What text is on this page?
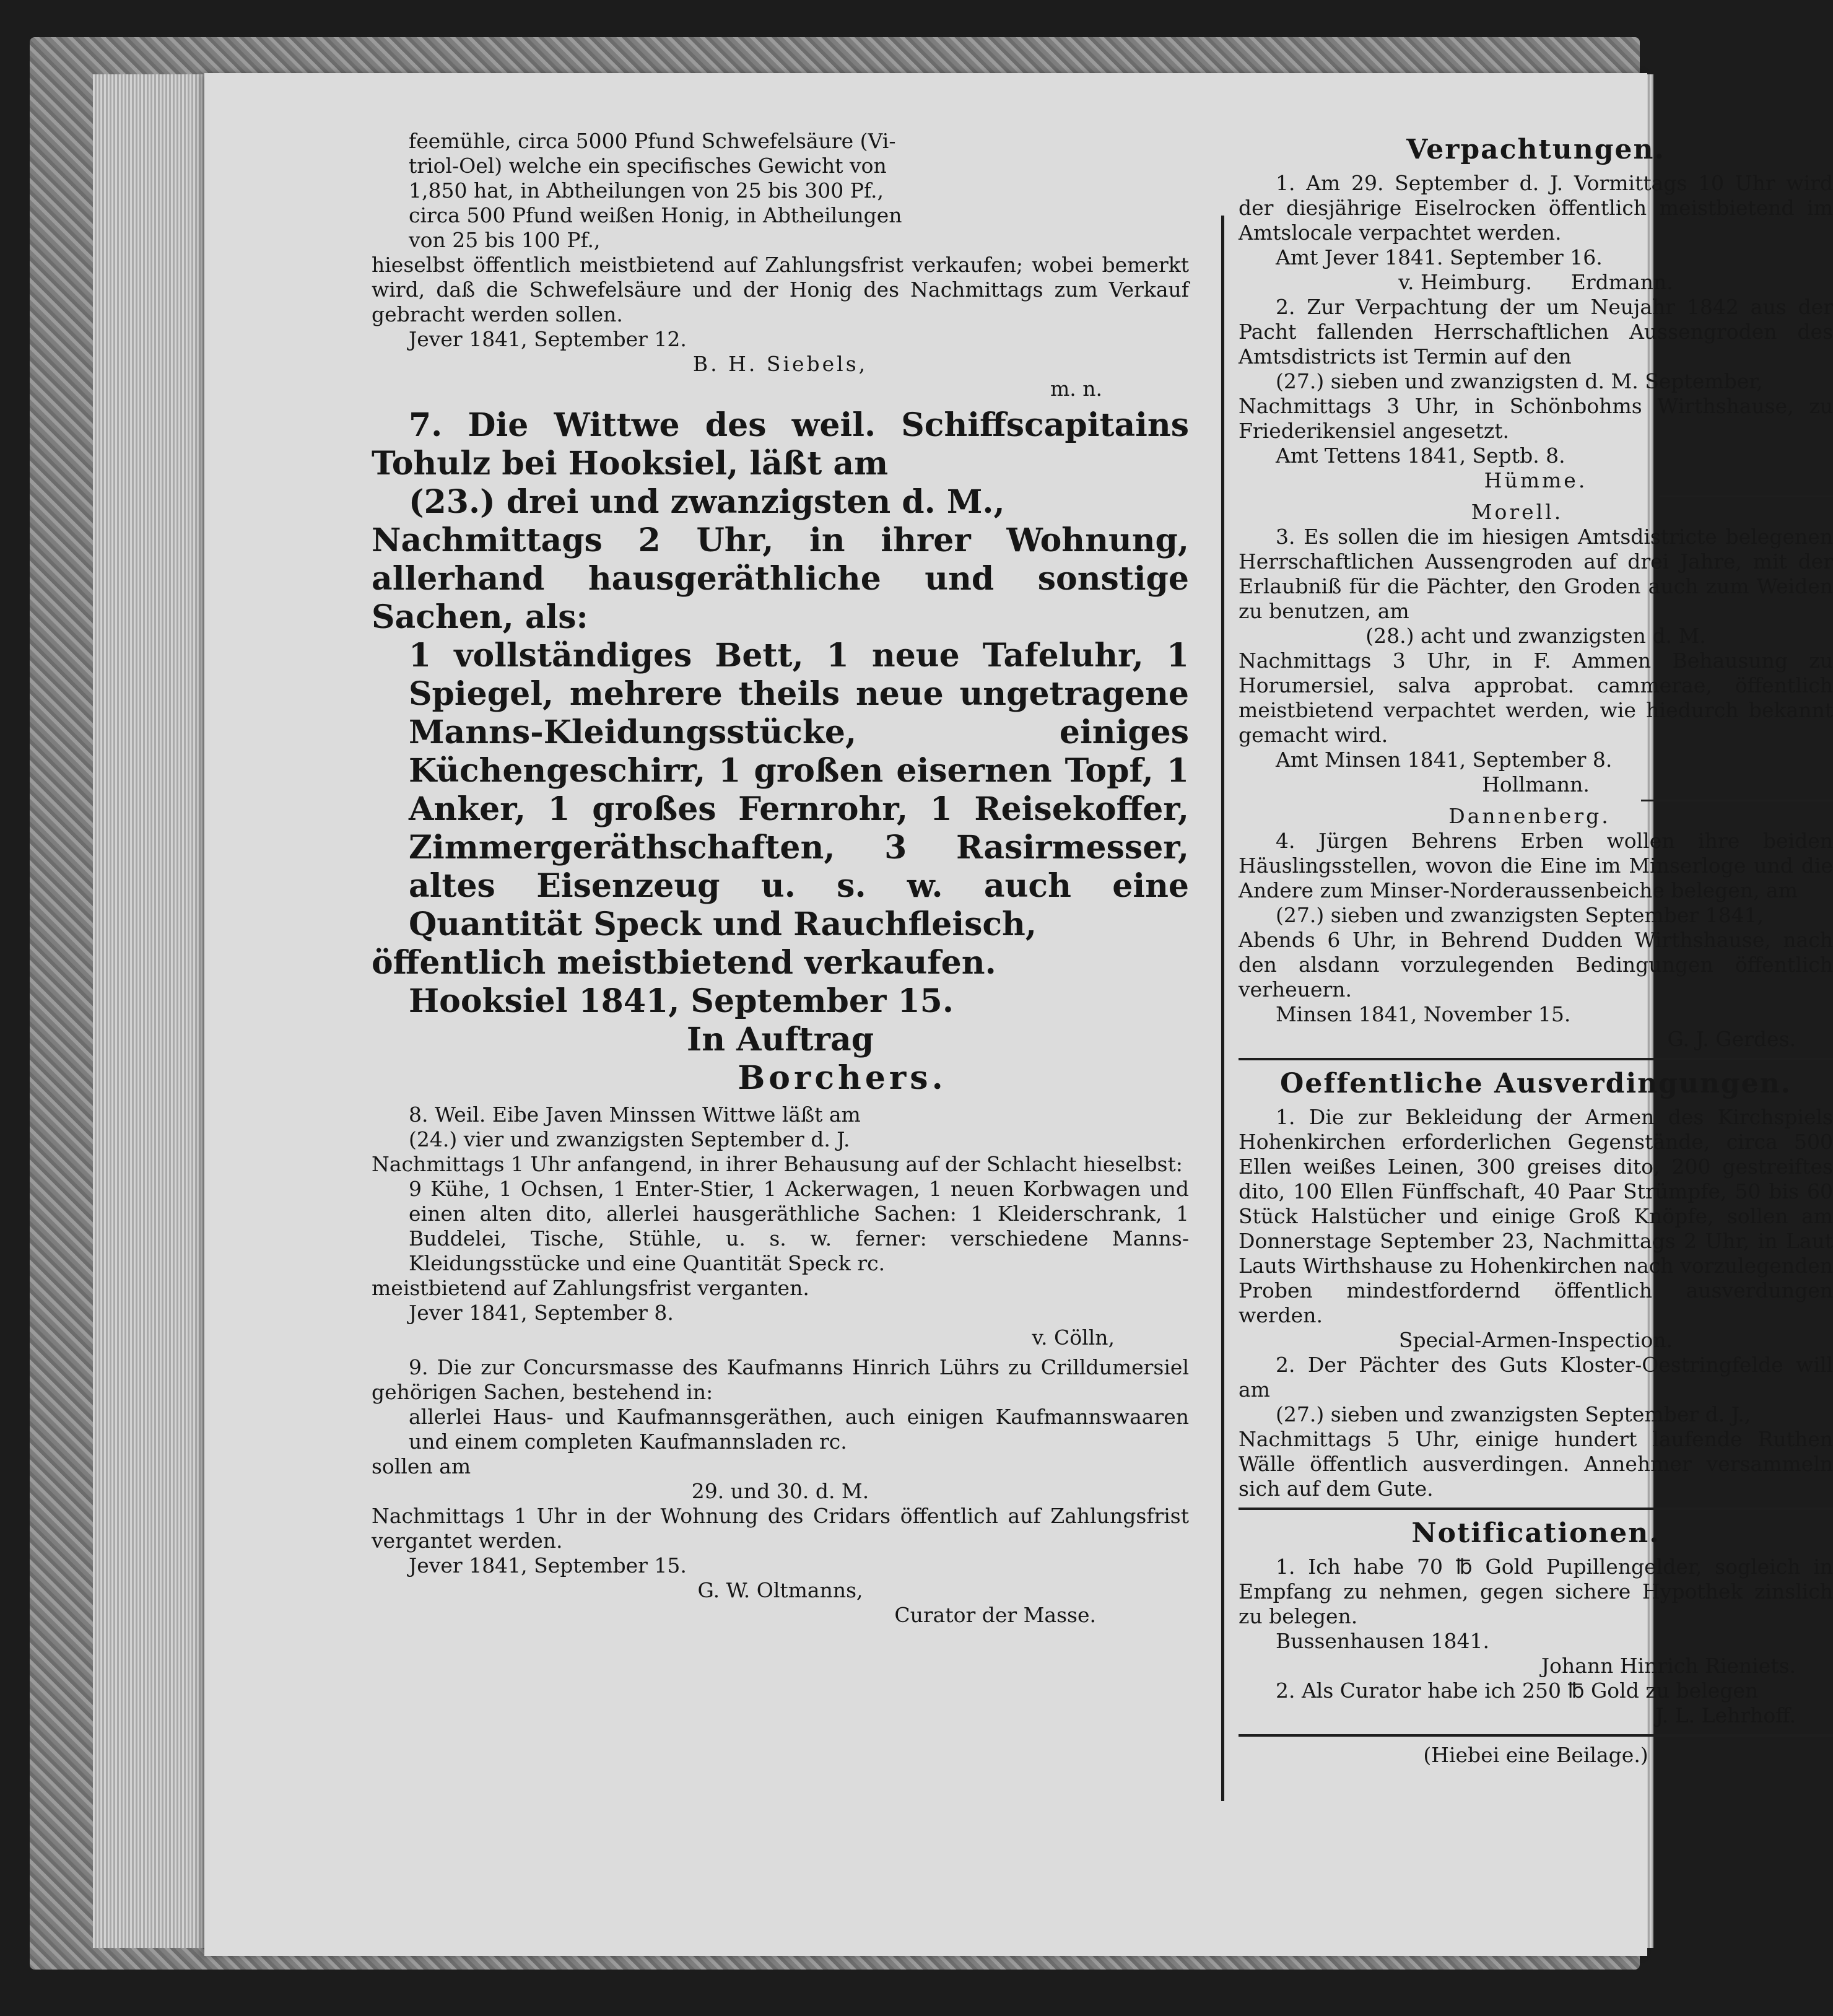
feemühle, circa 5000 Pfund Schwefelsäure (Vi-

triol-Oel) welche ein specifisches Gewicht von

1,850 hat, in Abtheilungen von 25 bis 300 Pf.,

circa 500 Pfund weißen Honig, in Abtheilungen

von 25 bis 100 Pf.,

hieselbst öffentlich meistbietend auf Zahlungsfrist verkaufen; wobei bemerkt wird, daß die Schwefelsäure und der Honig des Nachmittags zum Verkauf gebracht werden sollen.

Jever 1841, September 12.

B. H. Siebels,

m. n.

7. Die Wittwe des weil. Schiffscapitains Tohulz bei Hooksiel, läßt am

(23.) drei und zwanzigsten d. M.,

Nachmittags 2 Uhr, in ihrer Wohnung, allerhand hausgeräthliche und sonstige Sachen, als:

1 vollständiges Bett, 1 neue Tafeluhr, 1 Spiegel, mehrere theils neue ungetragene Manns-Kleidungsstücke, einiges Küchengeschirr, 1 großen eisernen Topf, 1 Anker, 1 großes Fernrohr, 1 Reisekoffer, Zimmergeräthschaften, 3 Rasirmesser, altes Eisenzeug u. s. w. auch eine Quantität Speck und Rauchfleisch,

öffentlich meistbietend verkaufen.

Hooksiel 1841, September 15.

In Auftrag

Borchers.

8. Weil. Eibe Javen Minssen Wittwe läßt am

(24.) vier und zwanzigsten September d. J.

Nachmittags 1 Uhr anfangend, in ihrer Behausung auf der Schlacht hieselbst:

9 Kühe, 1 Ochsen, 1 Enter-Stier, 1 Ackerwagen, 1 neuen Korbwagen und einen alten dito, allerlei hausgeräthliche Sachen: 1 Kleiderschrank, 1 Buddelei, Tische, Stühle, u. s. w. ferner: verschiedene Manns-Kleidungsstücke und eine Quantität Speck rc.

meistbietend auf Zahlungsfrist verganten.

Jever 1841, September 8.

v. Cölln,

9. Die zur Concursmasse des Kaufmanns Hinrich Lührs zu Crilldumersiel gehörigen Sachen, bestehend in:

allerlei Haus- und Kaufmannsgeräthen, auch einigen Kaufmannswaaren und einem completen Kaufmannsladen rc.

sollen am

29. und 30. d. M.

Nachmittags 1 Uhr in der Wohnung des Cridars öffentlich auf Zahlungsfrist vergantet werden.

Jever 1841, September 15.

G. W. Oltmanns,

Curator der Masse.

Verpachtungen.

1. Am 29. September d. J. Vormittags 10 Uhr wird der diesjährige Eiselrocken öffentlich meistbietend im Amtslocale verpachtet werden.

Amt Jever 1841. September 16.

v. Heimburg.      Erdmann.

2. Zur Verpachtung der um Neujahr 1842 aus der Pacht fallenden Herrschaftlichen Aussengroden des Amtsdistricts ist Termin auf den

(27.) sieben und zwanzigsten d. M. September,

Nachmittags 3 Uhr, in Schönbohms Wirthshause, zu Friederikensiel angesetzt.

Amt Tettens 1841, Septb. 8.

Hümme.

Morell.

3. Es sollen die im hiesigen Amtsdistricte belegenen Herrschaftlichen Aussengroden auf drei Jahre, mit der Erlaubniß für die Pächter, den Groden auch zum Weiden zu benutzen, am

(28.) acht und zwanzigsten d. M.

Nachmittags 3 Uhr, in F. Ammen Behausung zu Horumersiel, salva approbat. cammerae, öffentlich meistbietend verpachtet werden, wie hiedurch bekannt gemacht wird.

Amt Minsen 1841, September 8.

Hollmann.

Dannenberg.

4. Jürgen Behrens Erben wollen ihre beiden Häuslingsstellen, wovon die Eine im Minserloge und die Andere zum Minser-Norderaussenbeiche belegen, am

(27.) sieben und zwanzigsten September 1841,

Abends 6 Uhr, in Behrend Dudden Wirthshause, nach den alsdann vorzulegenden Bedingungen öffentlich verheuern.

Minsen 1841, November 15.

G. J. Gerdes.

Oeffentliche Ausverdingungen.

1. Die zur Bekleidung der Armen des Kirchspiels Hohenkirchen erforderlichen Gegenstände, circa 500 Ellen weißes Leinen, 300 greises dito, 200 gestreiftes dito, 100 Ellen Fünffschaft, 40 Paar Strümpfe, 50 bis 60 Stück Halstücher und einige Groß Knöpfe, sollen am Donnerstage September 23, Nachmittags 2 Uhr, in Laut Lauts Wirthshause zu Hohenkirchen nach vorzulegenden Proben mindestfordernd öffentlich ausverdungen werden.

Special-Armen-Inspection.

2. Der Pächter des Guts Kloster-Oestringfelde will am

(27.) sieben und zwanzigsten September d. J.,

Nachmittags 5 Uhr, einige hundert laufende Ruthen Wälle öffentlich ausverdingen. Annehmer versammeln sich auf dem Gute.

Notificationen.

1. Ich habe 70 ℔ Gold Pupillengelder, sogleich in Empfang zu nehmen, gegen sichere Hypothek zinslich zu belegen.

Bussenhausen 1841.

Johann Hinrich Rieniets.

2. Als Curator habe ich 250 ℔ Gold zu belegen

J. L. Lehrhoff.

(Hiebei eine Beilage.)
